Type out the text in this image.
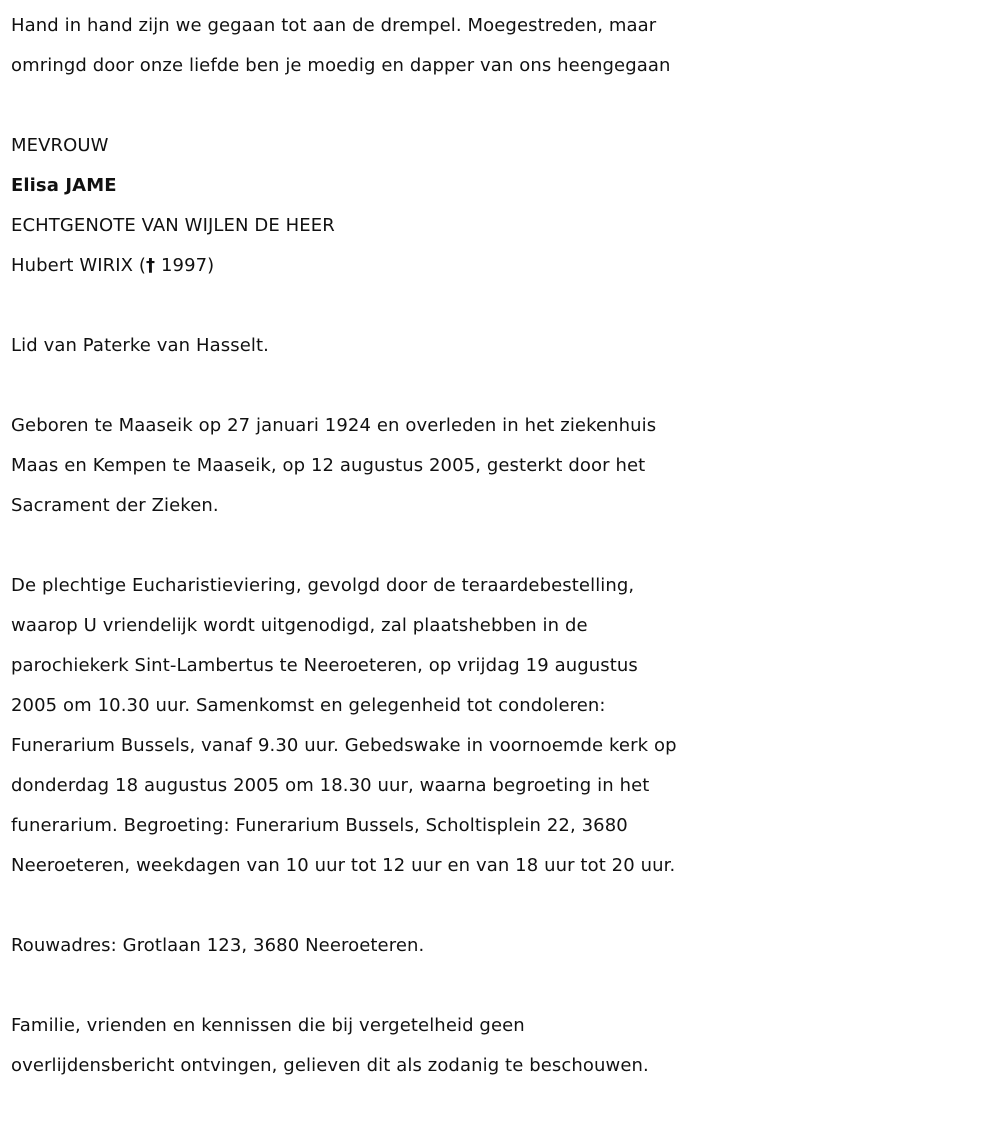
Hand in hand zijn we gegaan tot aan de drempel. Moegestreden, maar

omringd door onze liefde ben je moedig en dapper van ons heengegaan

MEVROUW

Elisa JAME

ECHTGENOTE VAN WIJLEN DE HEER

Hubert WIRIX († 1997)

Lid van Paterke van Hasselt.

Geboren te Maaseik op 27 januari 1924 en overleden in het ziekenhuis

Maas en Kempen te Maaseik, op 12 augustus 2005, gesterkt door het

Sacrament der Zieken.

De plechtige Eucharistieviering, gevolgd door de teraardebestelling,

waarop U vriendelijk wordt uitgenodigd, zal plaatshebben in de

parochiekerk Sint-Lambertus te Neeroeteren, op vrijdag 19 augustus

2005 om 10.30 uur. Samenkomst en gelegenheid tot condoleren:

Funerarium Bussels, vanaf 9.30 uur. Gebedswake in voornoemde kerk op

donderdag 18 augustus 2005 om 18.30 uur, waarna begroeting in het

funerarium. Begroeting: Funerarium Bussels, Scholtisplein 22, 3680

Neeroeteren, weekdagen van 10 uur tot 12 uur en van 18 uur tot 20 uur.

Rouwadres: Grotlaan 123, 3680 Neeroeteren.

Familie, vrienden en kennissen die bij vergetelheid geen

overlijdensbericht ontvingen, gelieven dit als zodanig te beschouwen.
